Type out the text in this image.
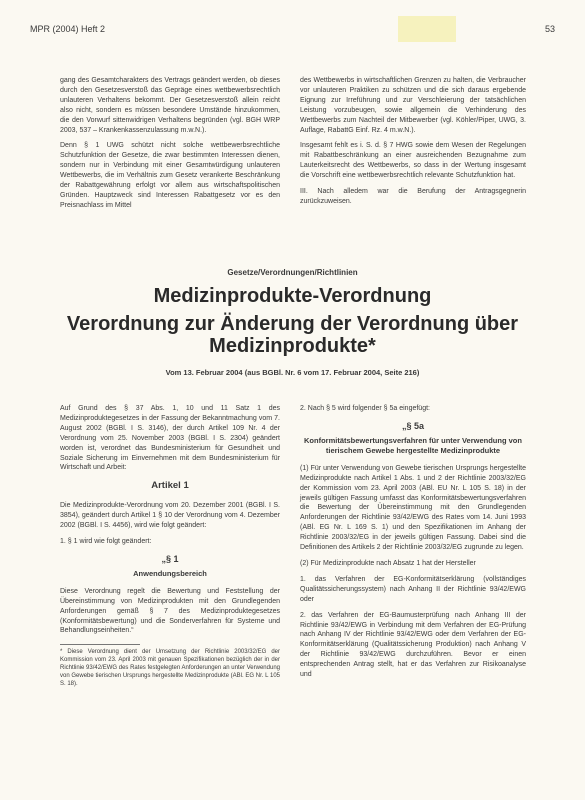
MPR (2004) Heft 2	53

gang des Gesamtcharakters des Vertrags geändert werden, ob dieses durch den Gesetzesverstoß das Gepräge eines wettbewerbsrechtlich unlauteren Verhaltens bekommt. Der Gesetzesverstoß allein reicht also nicht, sondern es müssen besondere Umstände hinzukommen, die den Vorwurf sittenwidrigen Verhaltens begründen (vgl. BGH WRP 2003, 537 – Krankenkassenzulassung m.w.N.).

Denn § 1 UWG schützt nicht solche wettbewerbsrechtliche Schutzfunktion der Gesetze, die zwar bestimmten Interessen dienen, sondern nur in Verbindung mit einer Gesamtwürdigung unlauteren Wettbewerbs, die im Verhältnis zum Gesetz verankerte Beschränkung der Rabattgewährung erfolgt vor allem aus wirtschaftspolitischen Gründen. Hauptzweck sind Interessen Rabattgesetz vor es den Preisnachlass im Mittel

des Wettbewerbs in wirtschaftlichen Grenzen zu halten, die Verbraucher vor unlauteren Praktiken zu schützen und die sich daraus ergebende Eignung zur Irreführung und zur Verschleierung der tatsächlichen Leistung vorzubeugen, sowie allgemein die Verhinderung des Wettbewerbs zum Nachteil der Mitbewerber (vgl. Köhler/Piper, UWG, 3. Auflage, RabattG Einf. Rz. 4 m.w.N.).

Insgesamt fehlt es i. S. d. § 7 HWG sowie dem Wesen der Regelungen mit Rabattbeschränkung an einer ausreichenden Bezugnahme zum Lauterkeitsrecht des Wettbewerbs, so dass in der Wertung insgesamt die Vorschrift eine wettbewerbsrechtlich relevante Schutzfunktion hat.

III. Nach alledem war die Berufung der Antragsgegnerin zurückzuweisen.

Gesetze/Verordnungen/Richtlinien
Medizinprodukte-Verordnung
Verordnung zur Änderung der Verordnung über
Medizinprodukte*
Vom 13. Februar 2004 (aus BGBl. Nr. 6 vom 17. Februar 2004, Seite 216)

Auf Grund des § 37 Abs. 1, 10 und 11 Satz 1 des Medizinproduktegesetzes in der Fassung der Bekanntmachung vom 7. August 2002 (BGBl. I S. 3146), der durch Artikel 109 Nr. 4 der Verordnung vom 25. November 2003 (BGBl. I S. 2304) geändert worden ist, verordnet das Bundesministerium für Gesundheit und Soziale Sicherung im Einvernehmen mit dem Bundesministerium für Wirtschaft und Arbeit:

Artikel 1

Die Medizinprodukte-Verordnung vom 20. Dezember 2001 (BGBl. I S. 3854), geändert durch Artikel 1 § 10 der Verordnung vom 4. Dezember 2002 (BGBl. I S. 4456), wird wie folgt geändert:

1. § 1 wird wie folgt geändert:

„§ 1
Anwendungsbereich

Diese Verordnung regelt die Bewertung und Feststellung der Übereinstimmung von Medizinprodukten mit den Grundlegenden Anforderungen gemäß § 7 des Medizinproduktegesetzes (Konformitätsbewertung) und die Sonderverfahren für Systeme und Behandlungseinheiten.“

* Diese Verordnung dient der Umsetzung der Richtlinie 2003/32/EG der Kommission vom 23. April 2003 mit genauen Spezifikationen bezüglich der in der Richtlinie 93/42/EWG des Rates festgelegten Anforderungen an unter Verwendung von Gewebe tierischen Ursprungs hergestellte Medizinprodukte (ABl. EG Nr. L 105 S. 18).

2. Nach § 5 wird folgender § 5a eingefügt:

„§ 5a
Konformitätsbewertungsverfahren für unter Verwendung von tierischem Gewebe hergestellte Medizinprodukte

(1) Für unter Verwendung von Gewebe tierischen Ursprungs hergestellte Medizinprodukte nach Artikel 1 Abs. 1 und 2 der Richtlinie 2003/32/EG der Kommission vom 23. April 2003 (ABl. EU Nr. L 105 S. 18) in der jeweils gültigen Fassung umfasst das Konformitätsbewertungsverfahren die Bewertung der Übereinstimmung mit den Grundlegenden Anforderungen der Richtlinie 93/42/EWG des Rates vom 14. Juni 1993 (ABl. EG Nr. L 169 S. 1) und den Spezifikationen im Anhang der Richtlinie 2003/32/EG in der jeweils gültigen Fassung. Dabei sind die Definitionen des Artikels 2 der Richtlinie 2003/32/EG zugrunde zu legen.

(2) Für Medizinprodukte nach Absatz 1 hat der Hersteller

1. das Verfahren der EG-Konformitätserklärung (vollständiges Qualitätssicherungssystem) nach Anhang II der Richtlinie 93/42/EWG oder

2. das Verfahren der EG-Baumusterprüfung nach Anhang III der Richtlinie 93/42/EWG in Verbindung mit dem Verfahren der EG-Prüfung nach Anhang IV der Richtlinie 93/42/EWG oder dem Verfahren der EG-Konformitätserklärung (Qualitätssicherung Produktion) nach Anhang V der Richtlinie 93/42/EWG durchzuführen. Bevor er einen entsprechenden Antrag stellt, hat er das Verfahren zur Risikoanalyse und
